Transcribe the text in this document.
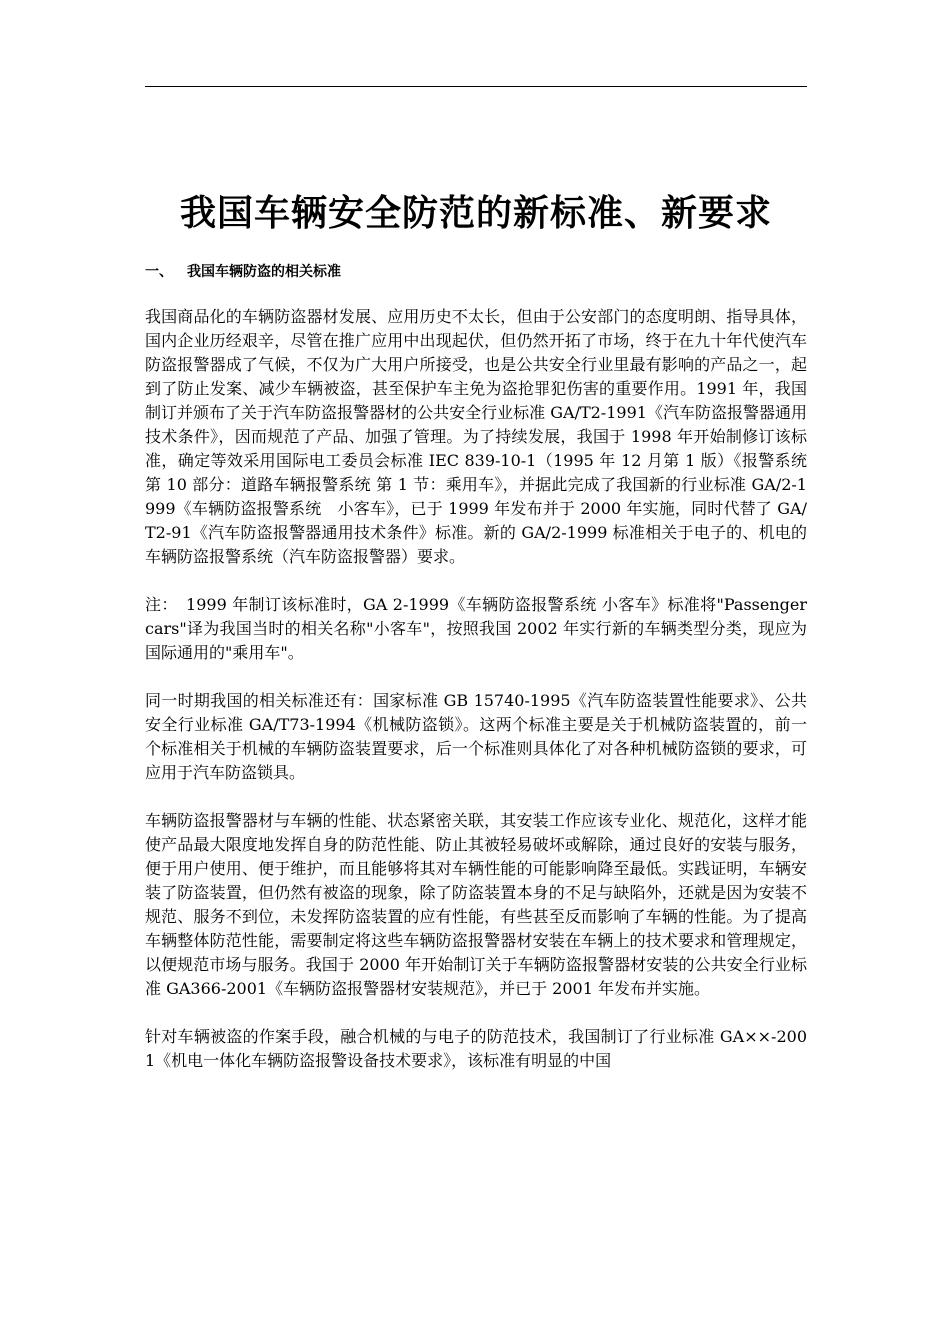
我国车辆安全防范的新标准、新要求
一、 我国车辆防盗的相关标准

我国商品化的车辆防盗器材发展、应用历史不太长，但由于公安部门的态度明朗、指导具体，国内企业历经艰辛，尽管在推广应用中出现起伏，但仍然开拓了市场，终于在九十年代使汽车防盗报警器成了气候，不仅为广大用户所接受，也是公共安全行业里最有影响的产品之一，起到了防止发案、减少车辆被盗，甚至保护车主免为盗抢罪犯伤害的重要作用。1991 年，我国制订并颁布了关于汽车防盗报警器材的公共安全行业标准 GA/T2-1991《汽车防盗报警器通用技术条件》，因而规范了产品、加强了管理。为了持续发展，我国于 1998 年开始制修订该标准，确定等效采用国际电工委员会标准 IEC 839-10-1（1995 年 12 月第 1 版）《报警系统 第 10 部分：道路车辆报警系统 第 1 节：乘用车》，并据此完成了我国新的行业标准 GA/2-1999《车辆防盗报警系统　小客车》，已于 1999 年发布并于 2000 年实施，同时代替了 GA/T2-91《汽车防盗报警器通用技术条件》标准。新的 GA/2-1999 标准相关于电子的、机电的车辆防盗报警系统（汽车防盗报警器）要求。

注：　1999 年制订该标准时，GA 2-1999《车辆防盗报警系统 小客车》标准将"Passenger cars"译为我国当时的相关名称"小客车"，按照我国 2002 年实行新的车辆类型分类，现应为国际通用的"乘用车"。

同一时期我国的相关标准还有：国家标准 GB 15740-1995《汽车防盗装置性能要求》、公共安全行业标准 GA/T73-1994《机械防盗锁》。这两个标准主要是关于机械防盗装置的，前一个标准相关于机械的车辆防盗装置要求，后一个标准则具体化了对各种机械防盗锁的要求，可应用于汽车防盗锁具。

车辆防盗报警器材与车辆的性能、状态紧密关联，其安装工作应该专业化、规范化，这样才能使产品最大限度地发挥自身的防范性能、防止其被轻易破坏或解除，通过良好的安装与服务，便于用户使用、便于维护，而且能够将其对车辆性能的可能影响降至最低。实践证明，车辆安装了防盗装置，但仍然有被盗的现象，除了防盗装置本身的不足与缺陷外，还就是因为安装不规范、服务不到位，未发挥防盗装置的应有性能，有些甚至反而影响了车辆的性能。为了提高车辆整体防范性能，需要制定将这些车辆防盗报警器材安装在车辆上的技术要求和管理规定，以便规范市场与服务。我国于 2000 年开始制订关于车辆防盗报警器材安装的公共安全行业标准 GA366-2001《车辆防盗报警器材安装规范》，并已于 2001 年发布并实施。

针对车辆被盗的作案手段，融合机械的与电子的防范技术，我国制订了行业标准 GA××-2001《机电一体化车辆防盗报警设备技术要求》，该标准有明显的中国
